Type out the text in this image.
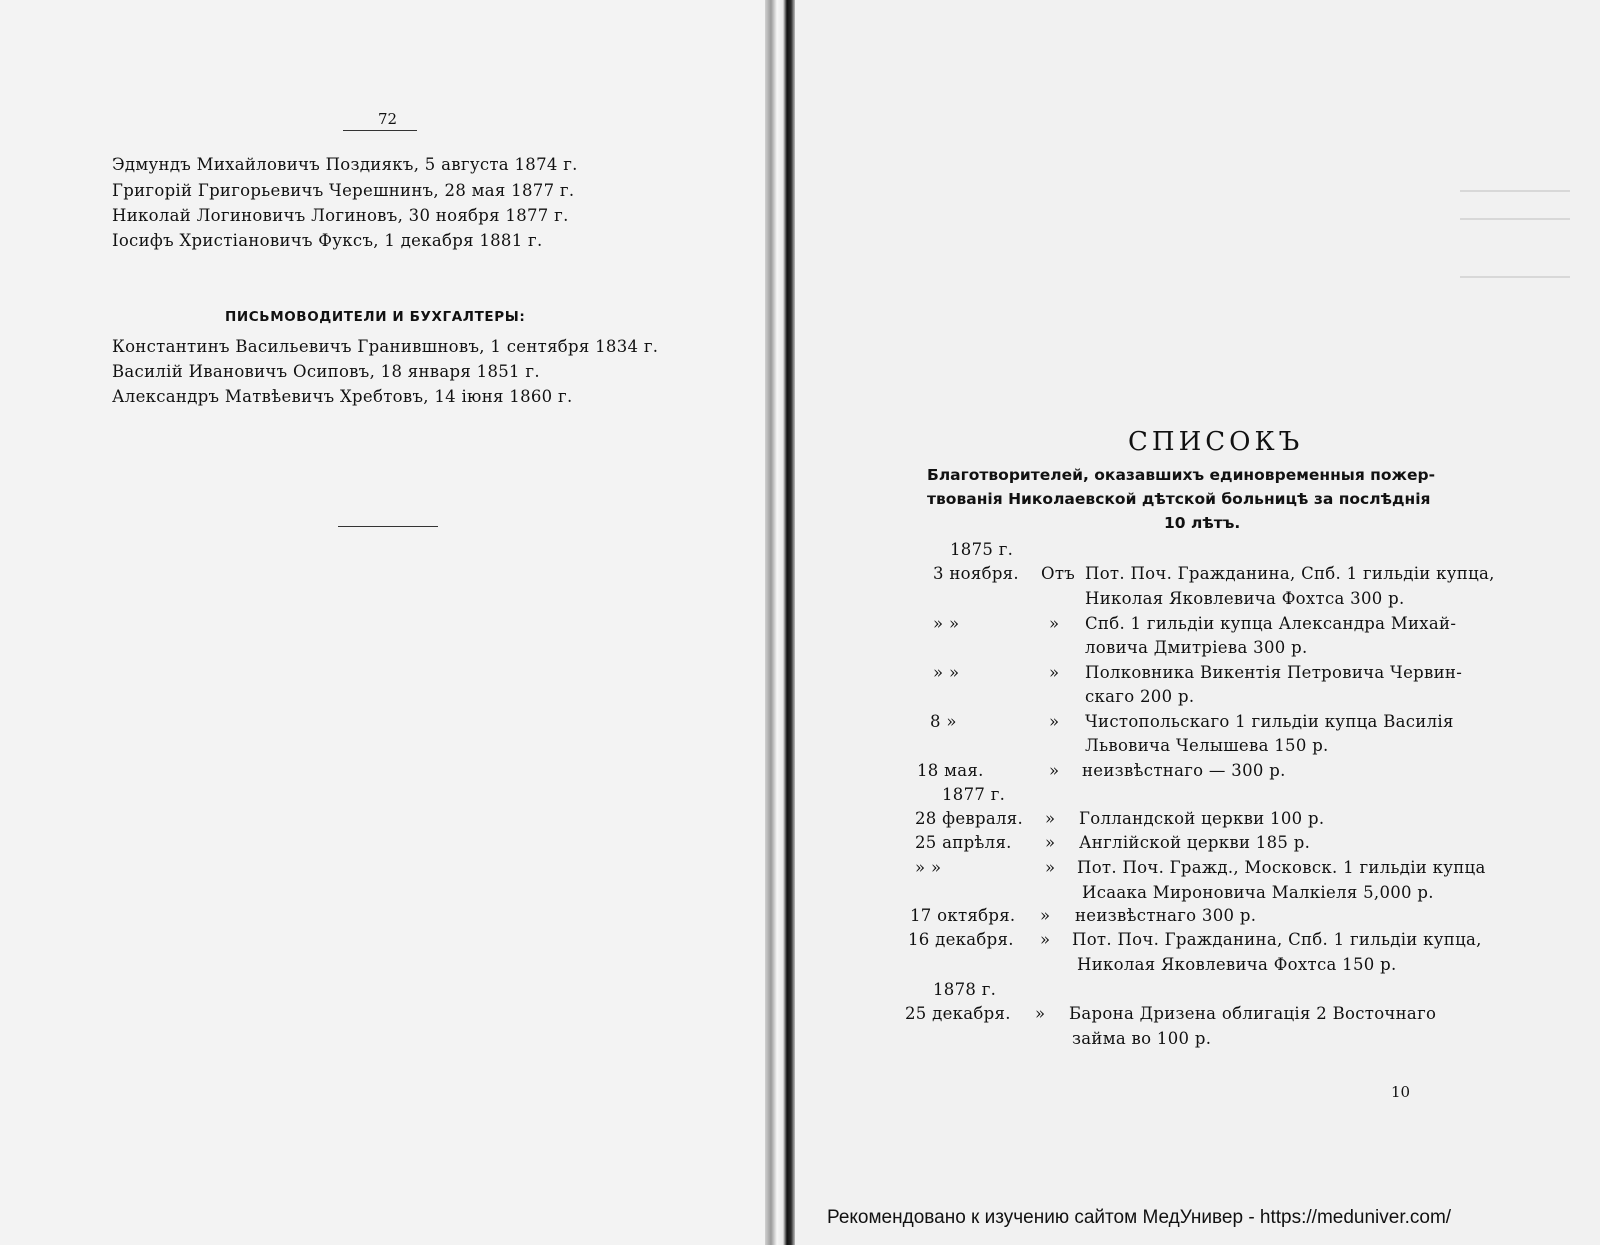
72
Эдмундъ Михайловичъ Поздиякъ, 5 августа 1874 г.
Григорій Григорьевичъ Черешнинъ, 28 мая 1877 г.
Николай Логиновичъ Логиновъ, 30 ноября 1877 г.
Іосифъ Христіановичъ Фуксъ, 1 декабря 1881 г.
ПИСЬМОВОДИТЕЛИ И БУХГАЛТЕРЫ:
Константинъ Васильевичъ Гранившновъ, 1 сентября 1834 г.
Василій Ивановичъ Осиповъ, 18 января 1851 г.
Александръ Матвѣевичъ Хребтовъ, 14 іюня 1860 г.
СПИСОКЪ
Благотворителей, оказавшихъ единовременныя пожер-
твованія Николаевской дѣтской больницѣ за послѣднія
10 лѣтъ.
1875 г.
3 ноября. Отъ Пот. Поч. Гражданина, Спб. 1 гильдіи купца,
Николая Яковлевича Фохтса 300 р.
» »	» Спб. 1 гильдіи купца Александра Михай-
ловича Дмитріева 300 р.
» »	» Полковника Викентія Петровича Червин-
скаго 200 р.
8 »	» Чистопольскаго 1 гильдіи купца Василія
Львовича Челышева 150 р.
18 мая.	» неизвѣстнаго — 300 р.
1877 г.
28 февраля. » Голландской церкви 100 р.
25 апрѣля. » Англійской церкви 185 р.
» »	» Пот. Поч. Гражд., Московск. 1 гильдіи купца
Исаака Мироновича Малкіеля 5,000 р.
17 октября. » неизвѣстнаго 300 р.
16 декабря. » Пот. Поч. Гражданина, Спб. 1 гильдіи купца,
Николая Яковлевича Фохтса 150 р.
1878 г.
25 декабря. » Барона Дризена облигація 2 Восточнаго
займа во 100 р.
10
Рекомендовано к изучению сайтом МедУнивер - https://meduniver.com/
